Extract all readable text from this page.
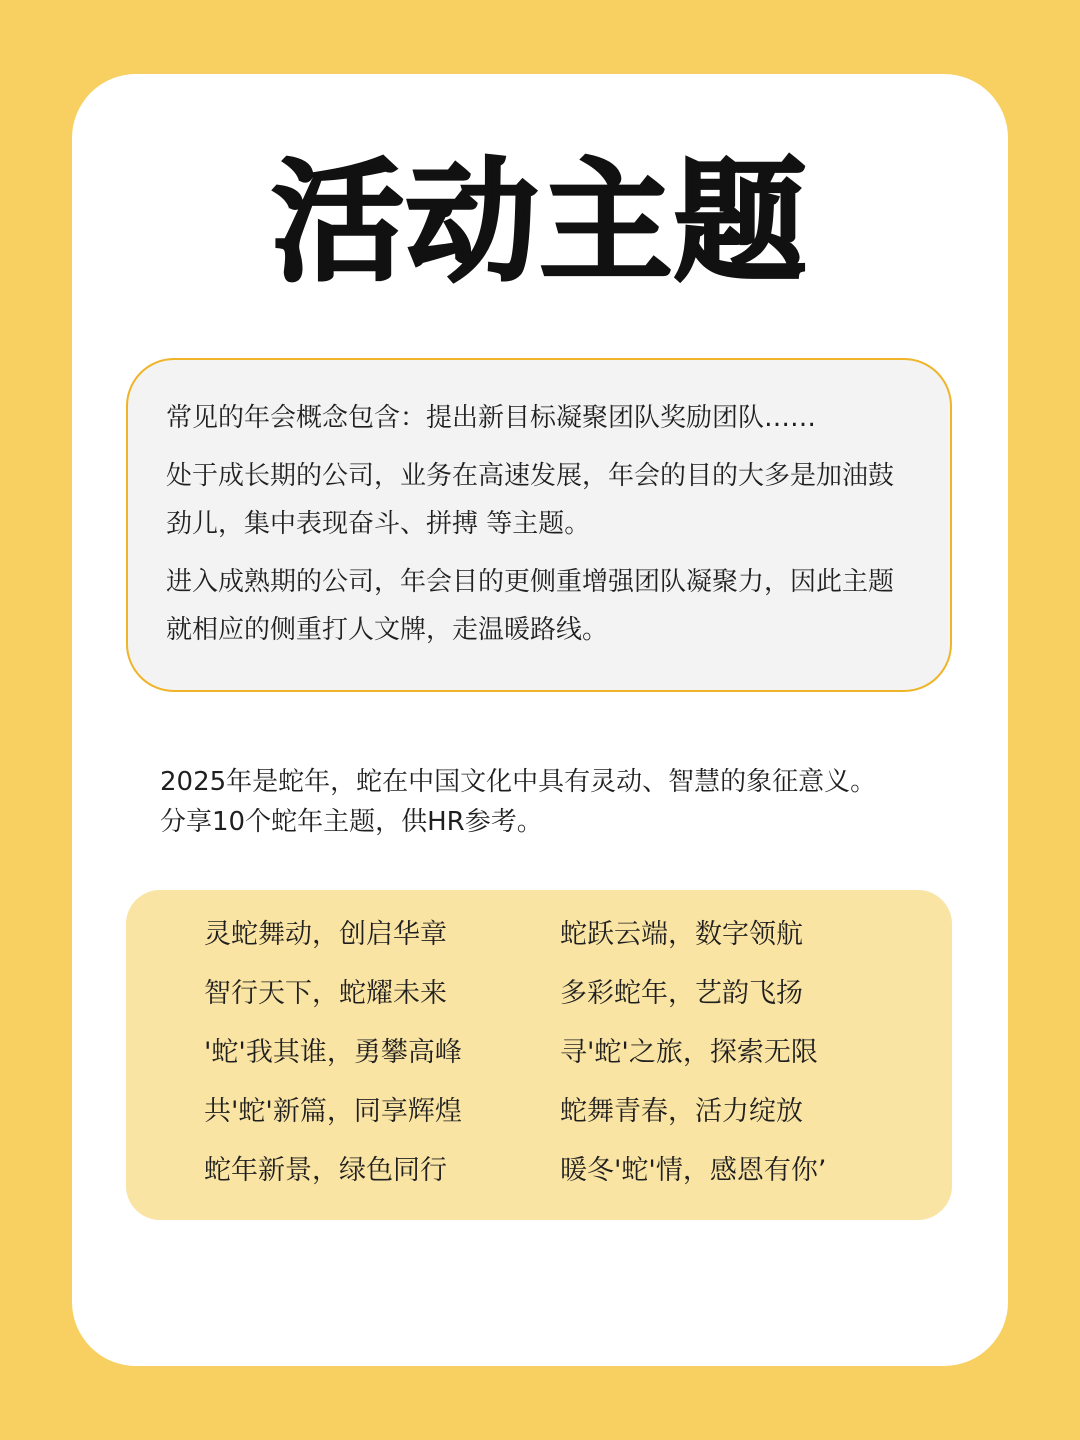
活动主题

常见的年会概念包含：提出新目标凝聚团队奖励团队……

处于成长期的公司，业务在高速发展，年会的目的大多是加油鼓劲儿，集中表现奋斗、拼搏 等主题。

进入成熟期的公司，年会目的更侧重增强团队凝聚力，因此主题就相应的侧重打人文牌，走温暖路线。

2025年是蛇年，蛇在中国文化中具有灵动、智慧的象征意义。
分享10个蛇年主题，供HR参考。
灵蛇舞动，创启华章	蛇跃云端，数字领航
智行天下，蛇耀未来	多彩蛇年，艺韵飞扬
'蛇'我其谁，勇攀高峰	寻'蛇'之旅，探索无限
共'蛇'新篇，同享辉煌	蛇舞青春，活力绽放
蛇年新景，绿色同行	暖冬'蛇'情，感恩有你’
